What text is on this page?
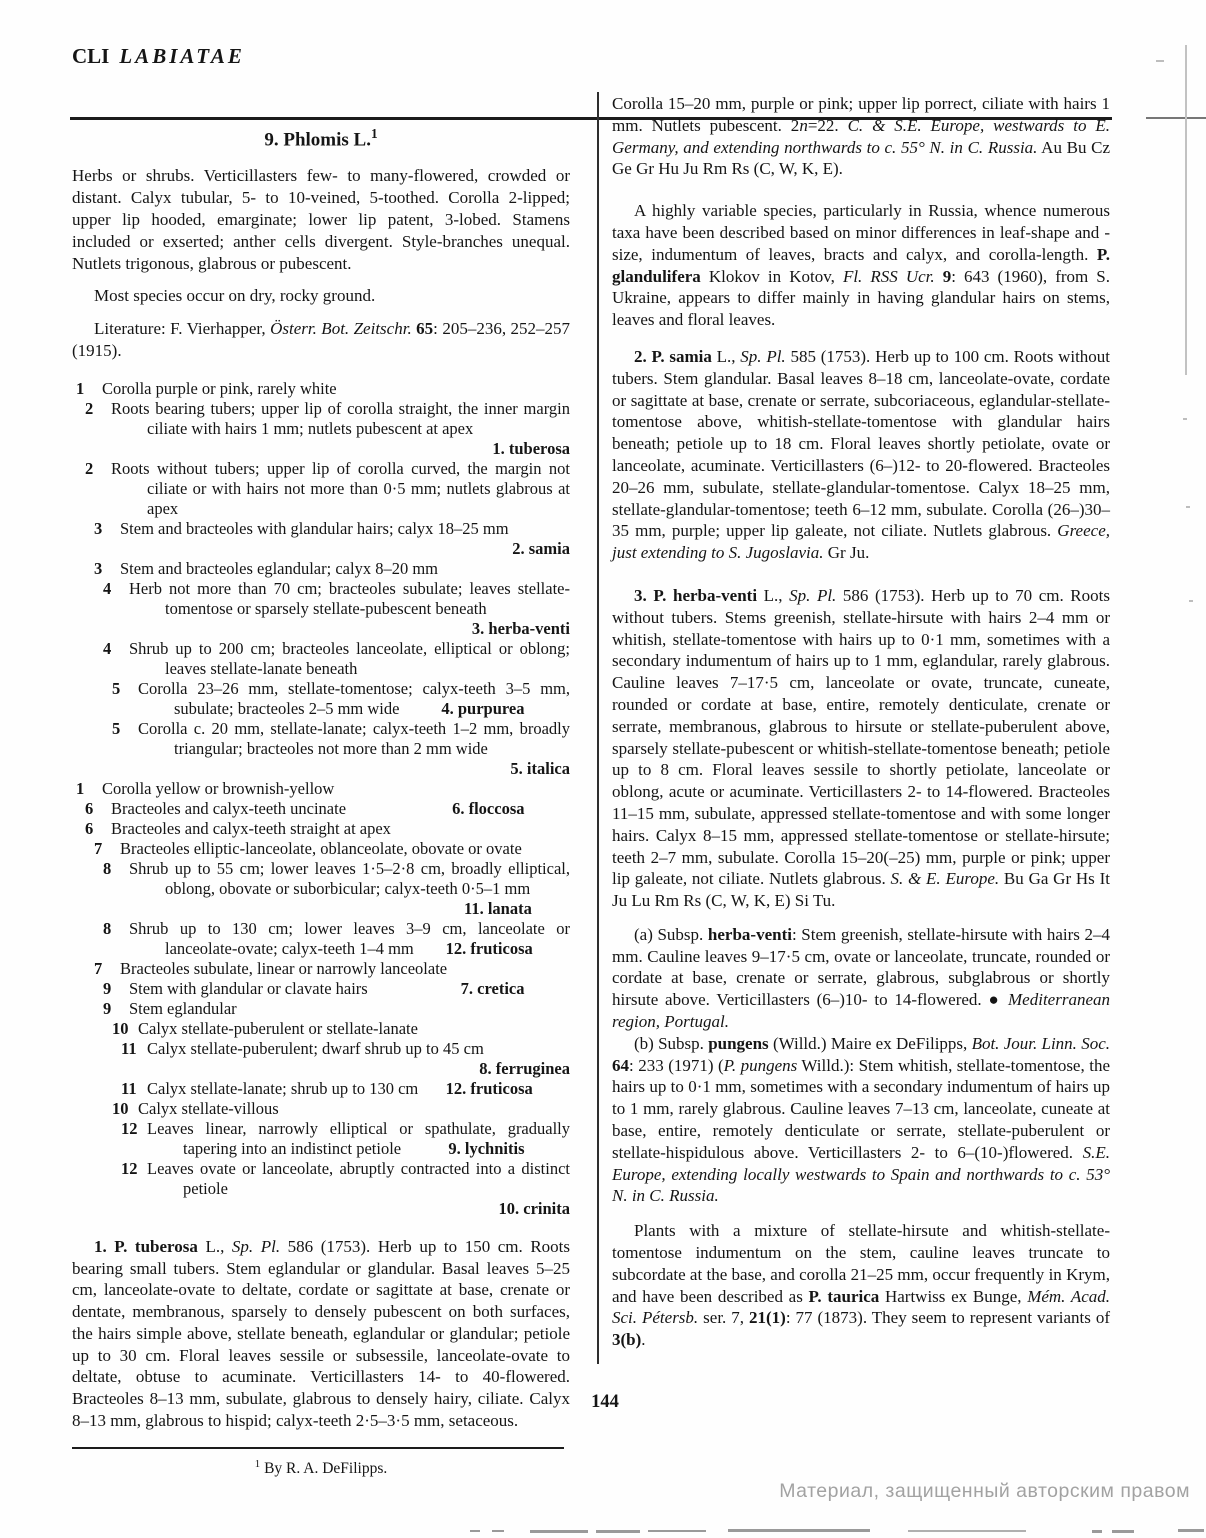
CLI LABIATAE
9. Phlomis L.$^1$

Herbs or shrubs. Verticillasters few- to many-flowered, crowded or distant. Calyx tubular, 5- to 10-veined, 5-toothed. Corolla 2-lipped; upper lip hooded, emarginate; lower lip patent, 3-lobed. Stamens included or exserted; anther cells divergent. Style-branches unequal. Nutlets trigonous, glabrous or pubescent.

Most species occur on dry, rocky ground.

Literature: F. Vierhapper, Österr. Bot. Zeitschr. 65: 205–236, 252–257 (1915).

1 Corolla purple or pink, rarely white
2 Roots bearing tubers; upper lip of corolla straight, the inner margin ciliate with hairs 1 mm; nutlets pubescent at apex
1. tuberosa
2 Roots without tubers; upper lip of corolla curved, the margin not ciliate or with hairs not more than 0·5 mm; nutlets glabrous at apex
3 Stem and bracteoles with glandular hairs; calyx 18–25 mm
2. samia
3 Stem and bracteoles eglandular; calyx 8–20 mm
4 Herb not more than 70 cm; bracteoles subulate; leaves stellate-tomentose or sparsely stellate-pubescent beneath
3. herba-venti
4 Shrub up to 200 cm; bracteoles lanceolate, elliptical or oblong; leaves stellate-lanate beneath
5 Corolla 23–26 mm, stellate-tomentose; calyx-teeth 3–5 mm, subulate; bracteoles 2–5 mm wide	4. purpurea
5 Corolla c. 20 mm, stellate-lanate; calyx-teeth 1–2 mm, broadly triangular; bracteoles not more than 2 mm wide
5. italica
1 Corolla yellow or brownish-yellow
6 Bracteoles and calyx-teeth uncinate	6. floccosa
6 Bracteoles and calyx-teeth straight at apex
7 Bracteoles elliptic-lanceolate, oblanceolate, obovate or ovate
8 Shrub up to 55 cm; lower leaves 1·5–2·8 cm, broadly elliptical, oblong, obovate or suborbicular; calyx-teeth 0·5–1 mm
11. lanata
8 Shrub up to 130 cm; lower leaves 3–9 cm, lanceolate or lanceolate-ovate; calyx-teeth 1–4 mm 12. fruticosa
7 Bracteoles subulate, linear or narrowly lanceolate
9 Stem with glandular or clavate hairs	7. cretica
9 Stem eglandular
10 Calyx stellate-puberulent or stellate-lanate
11 Calyx stellate-puberulent; dwarf shrub up to 45 cm
8. ferruginea
11 Calyx stellate-lanate; shrub up to 130 cm 12. fruticosa
10 Calyx stellate-villous
12 Leaves linear, narrowly elliptical or spathulate, gradually tapering into an indistinct petiole	9. lychnitis
12 Leaves ovate or lanceolate, abruptly contracted into a distinct petiole
10. crinita

1. P. tuberosa L., Sp. Pl. 586 (1753). Herb up to 150 cm. Roots bearing small tubers. Stem eglandular or glandular. Basal leaves 5–25 cm, lanceolate-ovate to deltate, cordate or sagittate at base, crenate or dentate, membranous, sparsely to densely pubescent on both surfaces, the hairs simple above, stellate beneath, eglandular or glandular; petiole up to 30 cm. Floral leaves sessile or subsessile, lanceolate-ovate to deltate, obtuse to acuminate. Verticillasters 14- to 40-flowered. Bracteoles 8–13 mm, subulate, glabrous to densely hairy, ciliate. Calyx 8–13 mm, glabrous to hispid; calyx-teeth 2·5–3·5 mm, setaceous.

$^1$ By R. A. DeFilipps.

Corolla 15–20 mm, purple or pink; upper lip porrect, ciliate with hairs 1 mm. Nutlets pubescent. 2n=22. C. & S.E. Europe, westwards to E. Germany, and extending northwards to c. 55° N. in C. Russia. Au Bu Cz Ge Gr Hu Ju Rm Rs (C, W, K, E).

A highly variable species, particularly in Russia, whence numerous taxa have been described based on minor differences in leaf-shape and -size, indumentum of leaves, bracts and calyx, and corolla-length. P. glandulifera Klokov in Kotov, Fl. RSS Ucr. 9: 643 (1960), from S. Ukraine, appears to differ mainly in having glandular hairs on stems, leaves and floral leaves.

2. P. samia L., Sp. Pl. 585 (1753). Herb up to 100 cm. Roots without tubers. Stem glandular. Basal leaves 8–18 cm, lanceolate-ovate, cordate or sagittate at base, crenate or serrate, subcoriaceous, eglandular-stellate-tomentose above, whitish-stellate-tomentose with glandular hairs beneath; petiole up to 18 cm. Floral leaves shortly petiolate, ovate or lanceolate, acuminate. Verticillasters (6–)12- to 20-flowered. Bracteoles 20–26 mm, subulate, stellate-glandular-tomentose. Calyx 18–25 mm, stellate-glandular-tomentose; teeth 6–12 mm, subulate. Corolla (26–)30–35 mm, purple; upper lip galeate, not ciliate. Nutlets glabrous. Greece, just extending to S. Jugoslavia. Gr Ju.

3. P. herba-venti L., Sp. Pl. 586 (1753). Herb up to 70 cm. Roots without tubers. Stems greenish, stellate-hirsute with hairs 2–4 mm or whitish, stellate-tomentose with hairs up to 0·1 mm, sometimes with a secondary indumentum of hairs up to 1 mm, eglandular, rarely glabrous. Cauline leaves 7–17·5 cm, lanceolate or ovate, truncate, cuneate, rounded or cordate at base, entire, remotely denticulate, crenate or serrate, membranous, glabrous to hirsute or stellate-puberulent above, sparsely stellate-pubescent or whitish-stellate-tomentose beneath; petiole up to 8 cm. Floral leaves sessile to shortly petiolate, lanceolate or oblong, acute or acuminate. Verticillasters 2- to 14-flowered. Bracteoles 11–15 mm, subulate, appressed stellate-tomentose and with some longer hairs. Calyx 8–15 mm, appressed stellate-tomentose or stellate-hirsute; teeth 2–7 mm, subulate. Corolla 15–20(–25) mm, purple or pink; upper lip galeate, not ciliate. Nutlets glabrous. S. & E. Europe. Bu Ga Gr Hs It Ju Lu Rm Rs (C, W, K, E) Si Tu.

(a) Subsp. herba-venti: Stem greenish, stellate-hirsute with hairs 2–4 mm. Cauline leaves 9–17·5 cm, ovate or lanceolate, truncate, rounded or cordate at base, crenate or serrate, glabrous, subglabrous or shortly hirsute above. Verticillasters (6–)10- to 14-flowered. ● Mediterranean region, Portugal.

(b) Subsp. pungens (Willd.) Maire ex DeFilipps, Bot. Jour. Linn. Soc. 64: 233 (1971) (P. pungens Willd.): Stem whitish, stellate-tomentose, the hairs up to 0·1 mm, sometimes with a secondary indumentum of hairs up to 1 mm, rarely glabrous. Cauline leaves 7–13 cm, lanceolate, cuneate at base, entire, remotely denticulate or serrate, stellate-puberulent or stellate-hispidulous above. Verticillasters 2- to 6–(10-)flowered. S.E. Europe, extending locally westwards to Spain and northwards to c. 53° N. in C. Russia.

Plants with a mixture of stellate-hirsute and whitish-stellate-tomentose indumentum on the stem, cauline leaves truncate to subcordate at the base, and corolla 21–25 mm, occur frequently in Krym, and have been described as P. taurica Hartwiss ex Bunge, Mém. Acad. Sci. Pétersb. ser. 7, 21(1): 77 (1873). They seem to represent variants of 3(b).

144
Материал, защищенный авторским правом
